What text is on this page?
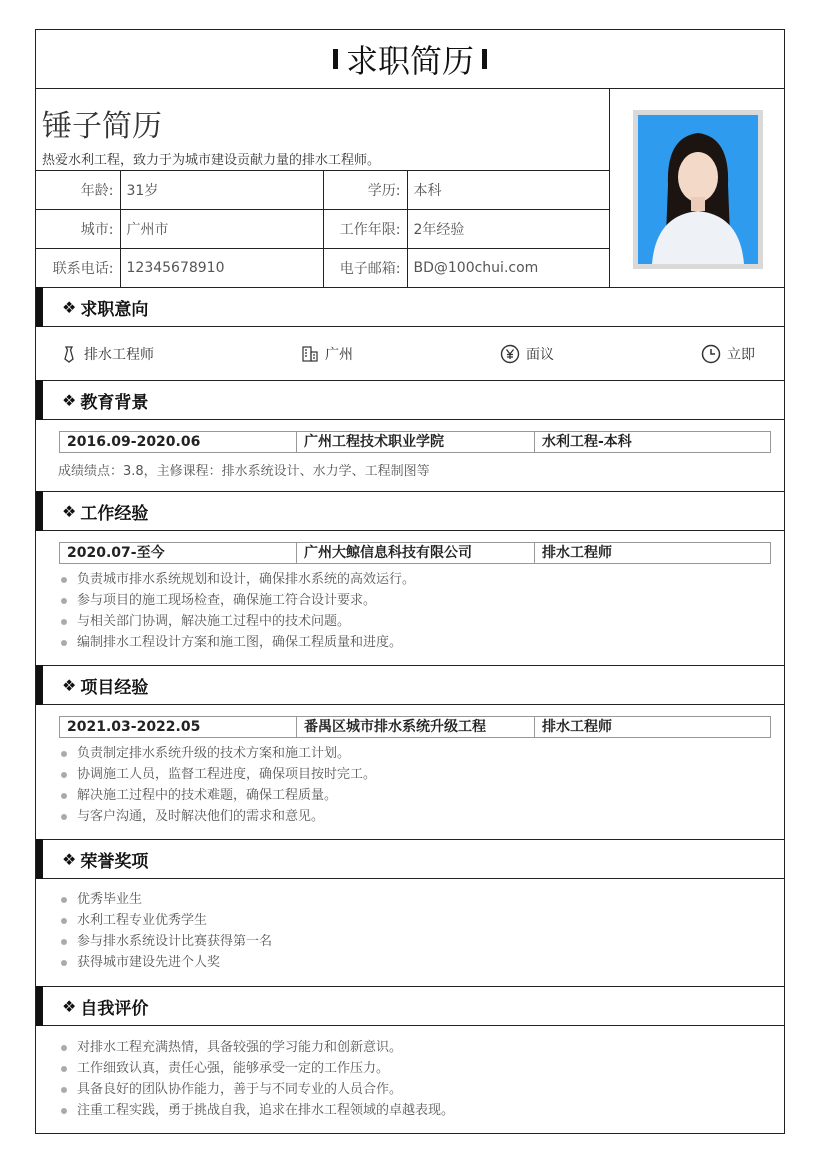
求职简历
锤子简历
热爱水利工程，致力于为城市建设贡献力量的排水工程师。
年龄:	31岁	学历:	本科
城市:	广州市	工作年限:	2年经验
联系电话:	12345678910	电子邮箱:	BD@100chui.com
❖ 求职意向
排水工程师	广州	面议	立即
❖ 教育背景
2016.09-2020.06	广州工程技术职业学院	水利工程-本科
成绩绩点：3.8，主修课程：排水系统设计、水力学、工程制图等
❖ 工作经验
2020.07-至今	广州大鲸信息科技有限公司	排水工程师
负责城市排水系统规划和设计，确保排水系统的高效运行。
参与项目的施工现场检查，确保施工符合设计要求。
与相关部门协调，解决施工过程中的技术问题。
编制排水工程设计方案和施工图，确保工程质量和进度。
❖ 项目经验
2021.03-2022.05	番禺区城市排水系统升级工程	排水工程师
负责制定排水系统升级的技术方案和施工计划。
协调施工人员，监督工程进度，确保项目按时完工。
解决施工过程中的技术难题，确保工程质量。
与客户沟通，及时解决他们的需求和意见。
❖ 荣誉奖项
优秀毕业生
水利工程专业优秀学生
参与排水系统设计比赛获得第一名
获得城市建设先进个人奖
❖ 自我评价
对排水工程充满热情，具备较强的学习能力和创新意识。
工作细致认真，责任心强，能够承受一定的工作压力。
具备良好的团队协作能力，善于与不同专业的人员合作。
注重工程实践，勇于挑战自我，追求在排水工程领域的卓越表现。
